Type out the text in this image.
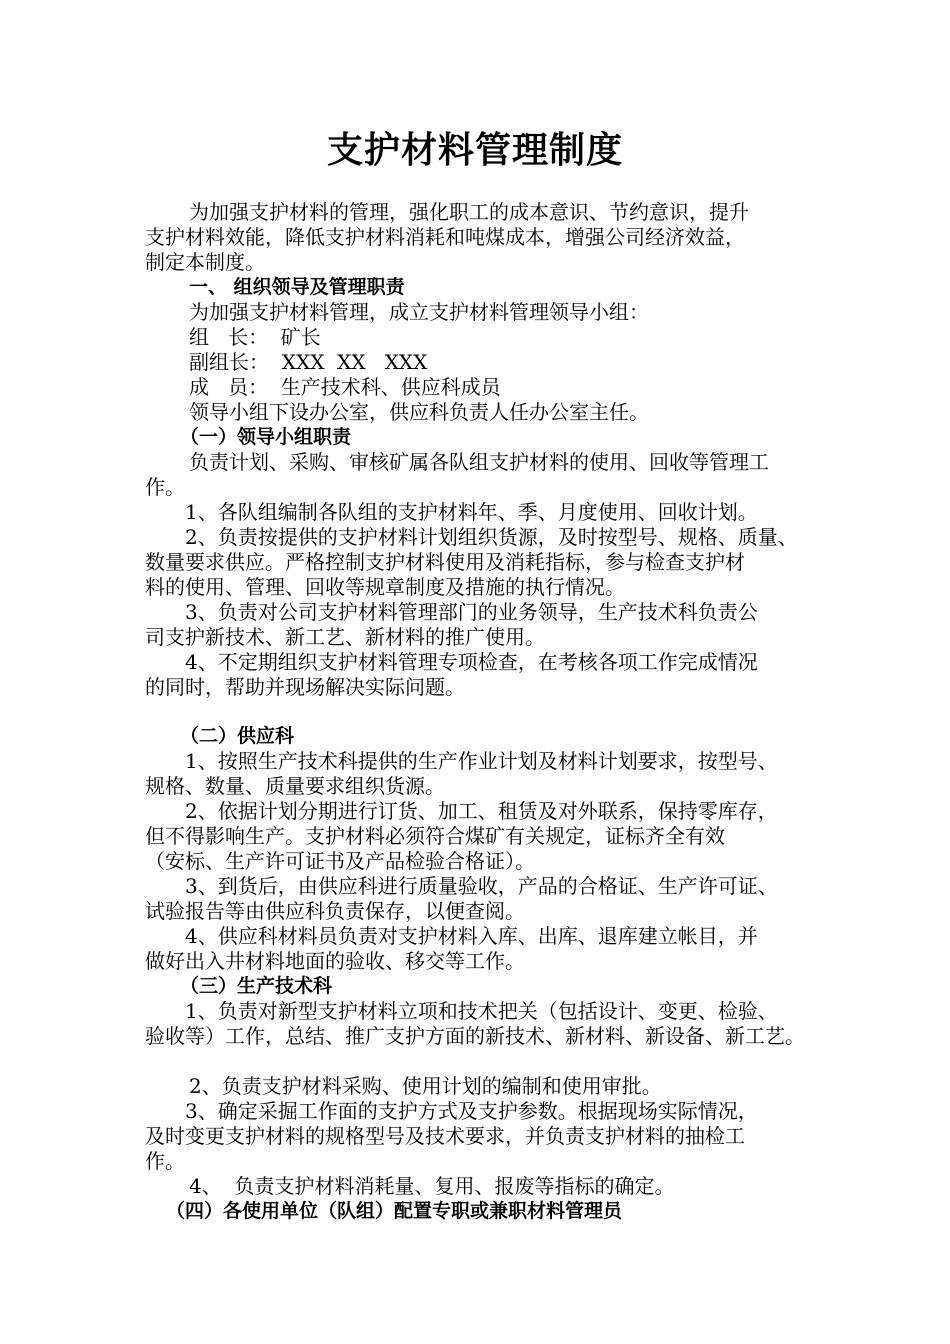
支护材料管理制度
为加强支护材料的管理，强化职工的成本意识、节约意识，提升
支护材料效能，降低支护材料消耗和吨煤成本，增强公司经济效益，
制定本制度。
一、 组织领导及管理职责
为加强支护材料管理，成立支护材料管理领导小组：
组   长：  矿长
副组长：  XXX  XX   XXX
成   员：  生产技术科、供应科成员
领导小组下设办公室，供应科负责人任办公室主任。
（一）领导小组职责
负责计划、采购、审核矿属各队组支护材料的使用、回收等管理工
作。
1、各队组编制各队组的支护材料年、季、月度使用、回收计划。
2、负责按提供的支护材料计划组织货源，及时按型号、规格、质量、
数量要求供应。严格控制支护材料使用及消耗指标，参与检查支护材
料的使用、管理、回收等规章制度及措施的执行情况。
3、负责对公司支护材料管理部门的业务领导，生产技术科负责公
司支护新技术、新工艺、新材料的推广使用。
4、不定期组织支护材料管理专项检查，在考核各项工作完成情况
的同时，帮助并现场解决实际问题。
（二）供应科
1、按照生产技术科提供的生产作业计划及材料计划要求，按型号、
规格、数量、质量要求组织货源。
2、依据计划分期进行订货、加工、租赁及对外联系，保持零库存，
但不得影响生产。支护材料必须符合煤矿有关规定，证标齐全有效
（安标、生产许可证书及产品检验合格证）。
3、到货后，由供应科进行质量验收，产品的合格证、生产许可证、
试验报告等由供应科负责保存，以便查阅。
4、供应科材料员负责对支护材料入库、出库、退库建立帐目，并
做好出入井材料地面的验收、移交等工作。
（三）生产技术科
1、负责对新型支护材料立项和技术把关（包括设计、变更、检验、
验收等）工作，总结、推广支护方面的新技术、新材料、新设备、新工艺。
2、负责支护材料采购、使用计划的编制和使用审批。
3、确定采掘工作面的支护方式及支护参数。根据现场实际情况，
及时变更支护材料的规格型号及技术要求，并负责支护材料的抽检工
作。
4、  负责支护材料消耗量、复用、报废等指标的确定。
（四）各使用单位（队组）配置专职或兼职材料管理员
